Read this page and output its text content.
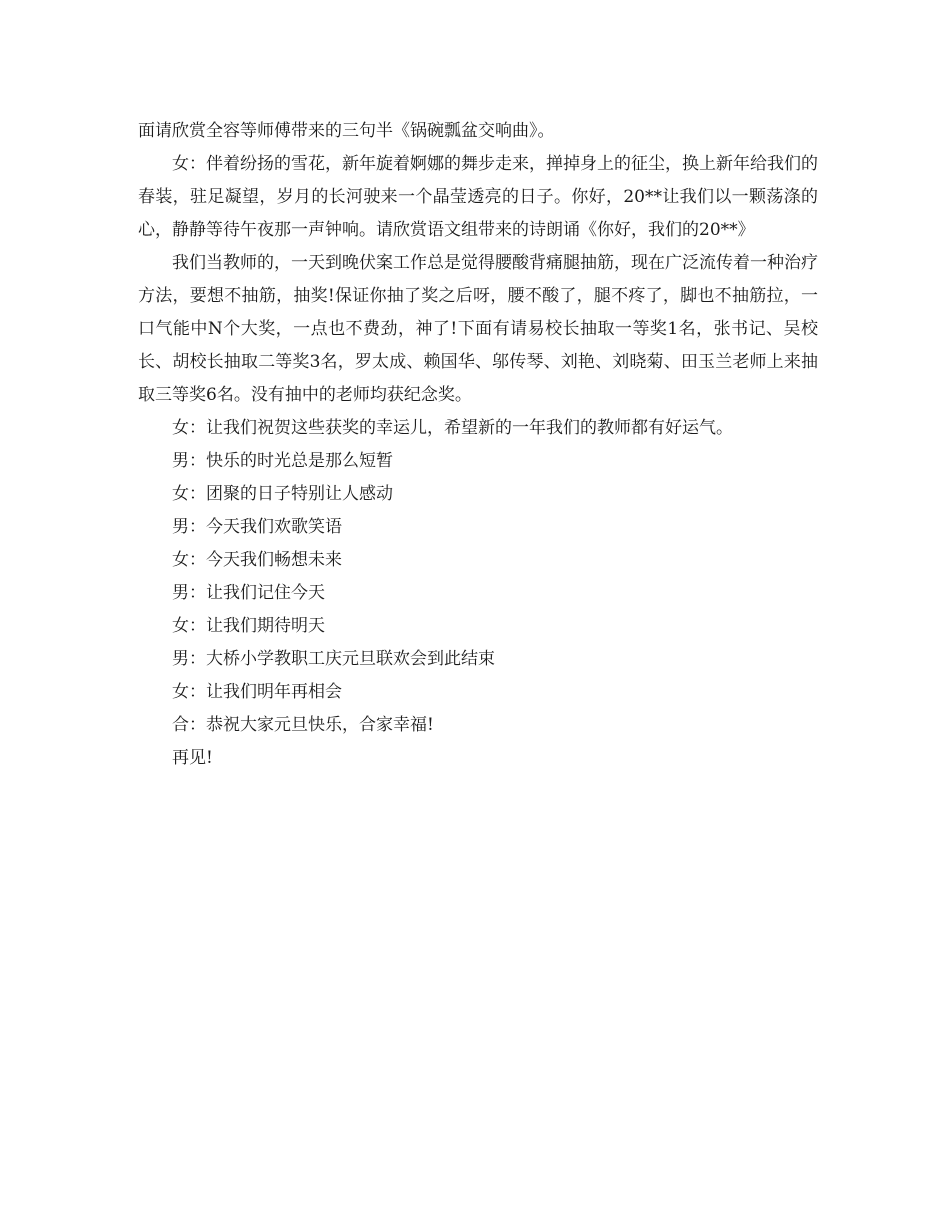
面请欣赏全容等师傅带来的三句半《锅碗瓢盆交响曲》。

女：伴着纷扬的雪花，新年旋着婀娜的舞步走来，掸掉身上的征尘，换上新年给我们的春装，驻足凝望，岁月的长河驶来一个晶莹透亮的日子。你好，20**让我们以一颗荡涤的心，静静等待午夜那一声钟响。请欣赏语文组带来的诗朗诵《你好，我们的20**》

我们当教师的，一天到晚伏案工作总是觉得腰酸背痛腿抽筋，现在广泛流传着一种治疗方法，要想不抽筋，抽奖!保证你抽了奖之后呀，腰不酸了，腿不疼了，脚也不抽筋拉，一口气能中N个大奖，一点也不费劲，神了!下面有请易校长抽取一等奖1名，张书记、吴校长、胡校长抽取二等奖3名，罗太成、赖国华、邬传琴、刘艳、刘晓菊、田玉兰老师上来抽取三等奖6名。没有抽中的老师均获纪念奖。

女：让我们祝贺这些获奖的幸运儿，希望新的一年我们的教师都有好运气。

男：快乐的时光总是那么短暂

女：团聚的日子特别让人感动

男：今天我们欢歌笑语

女：今天我们畅想未来

男：让我们记住今天

女：让我们期待明天

男：大桥小学教职工庆元旦联欢会到此结束

女：让我们明年再相会

合：恭祝大家元旦快乐，合家幸福!

再见!
